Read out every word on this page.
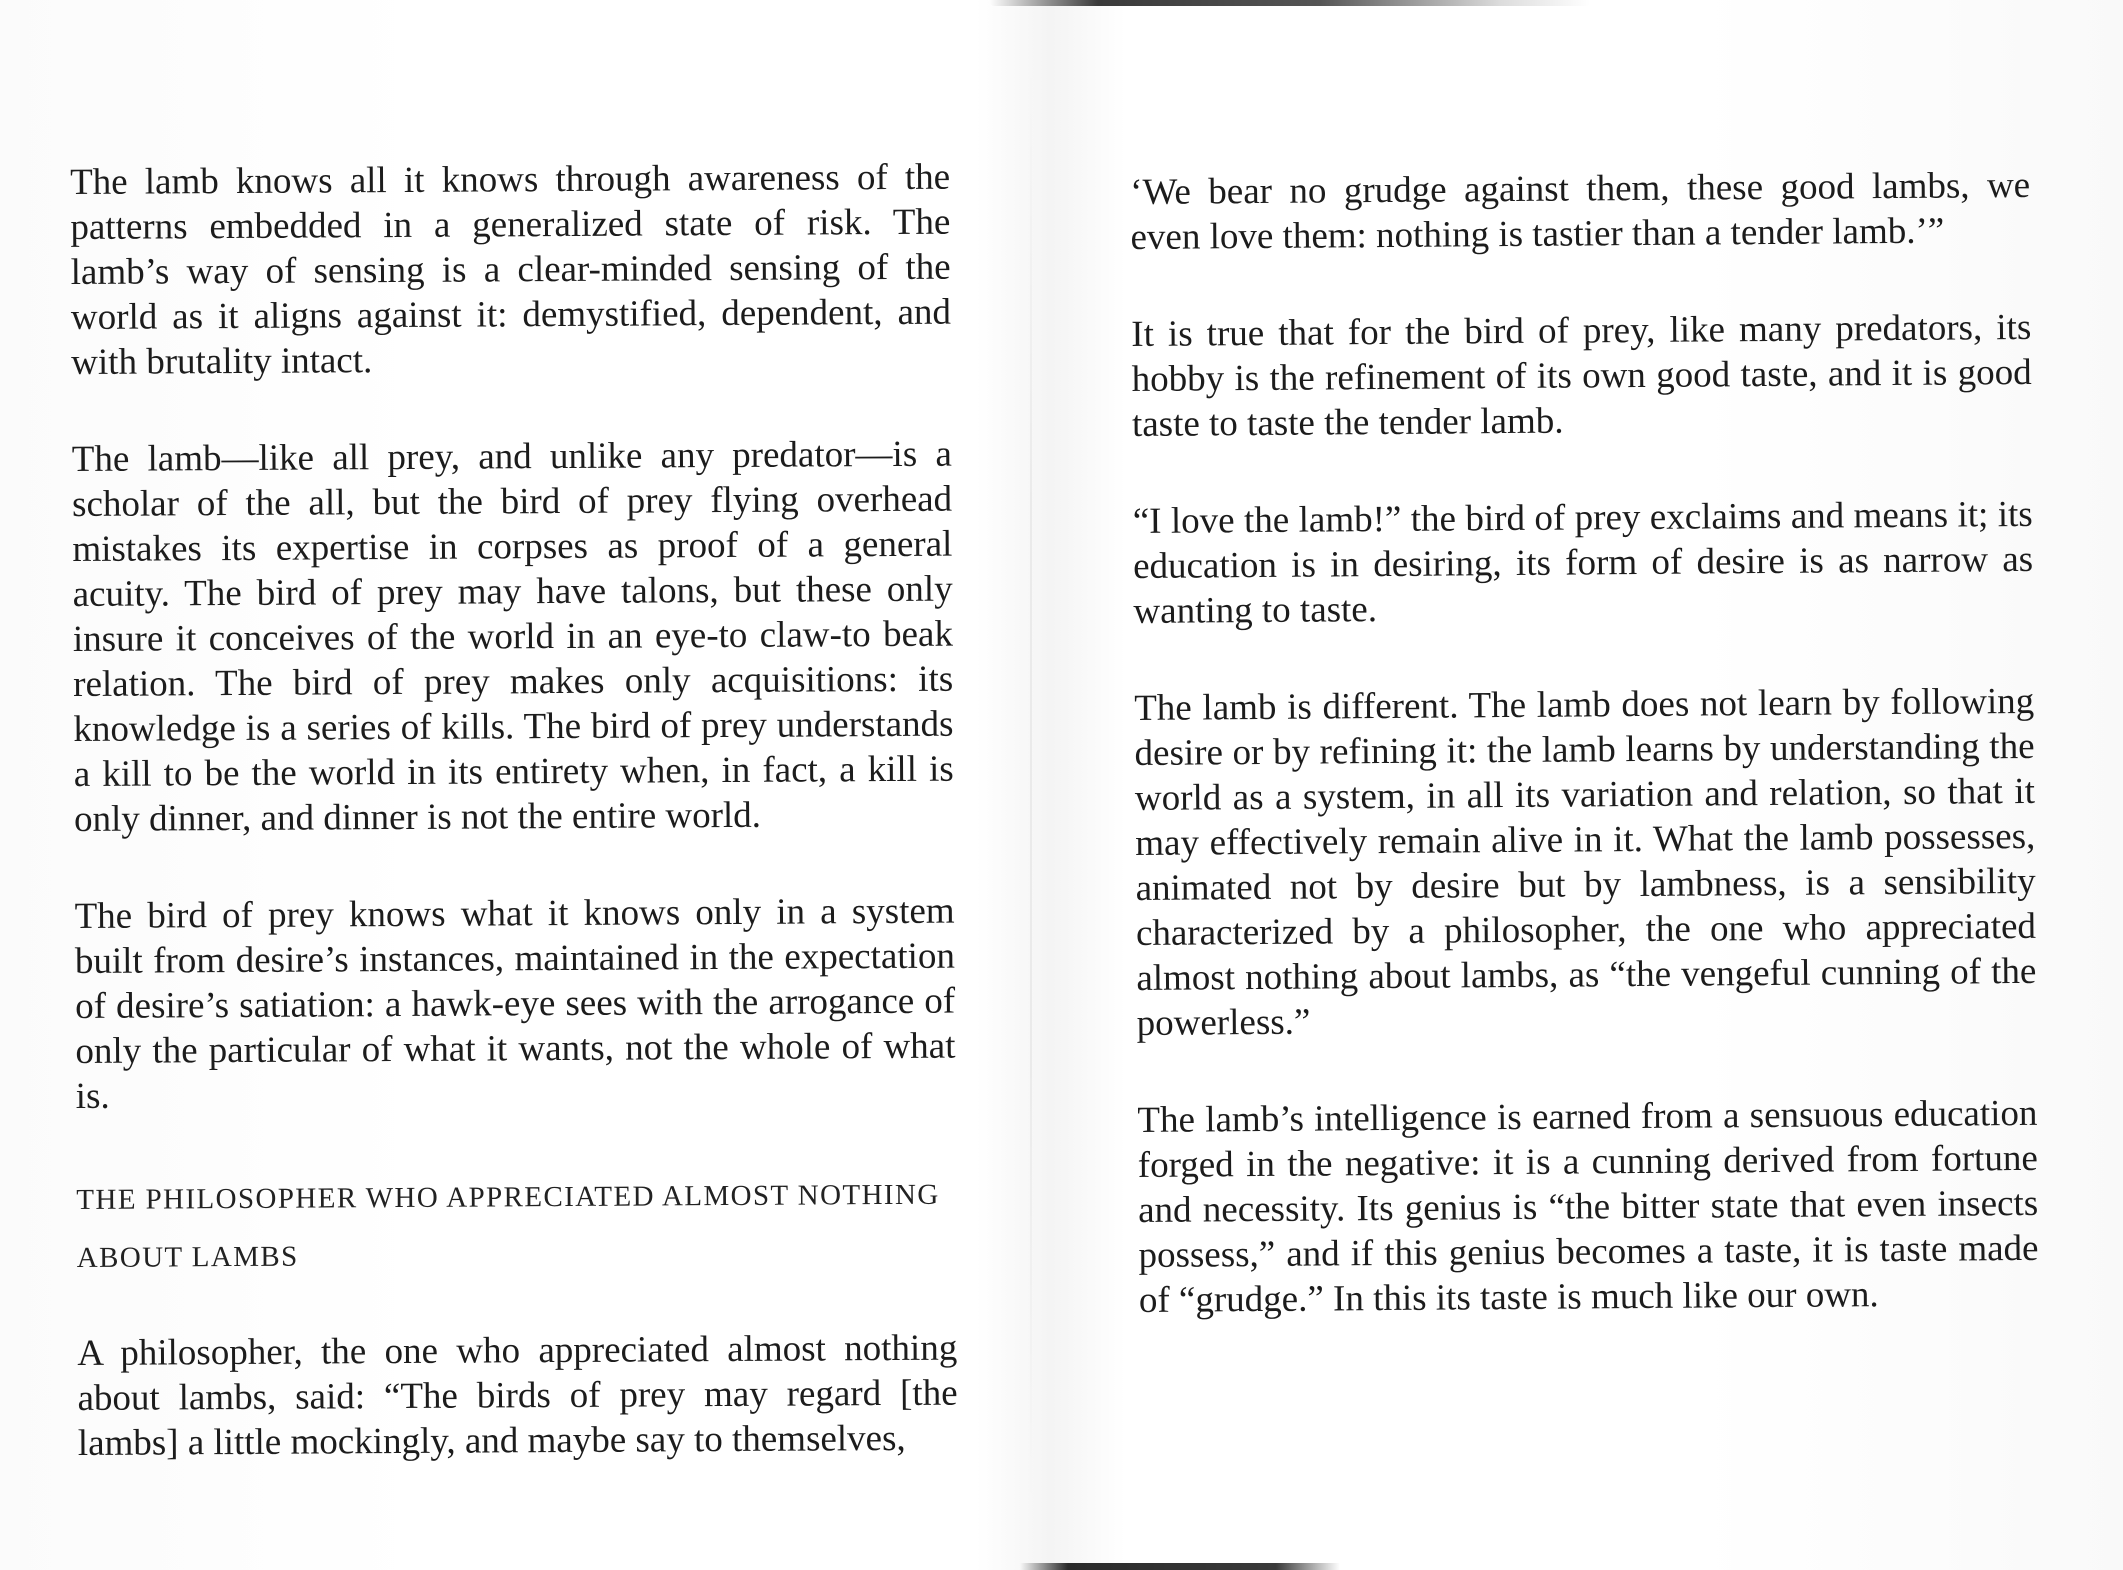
The lamb knows all it knows through awareness of the patterns embedded in a generalized state of risk. The lamb’s way of sensing is a clear-minded sensing of the world as it aligns against it: demystified, dependent, and with brutality intact.

The lamb—like all prey, and unlike any predator—is a scholar of the all, but the bird of prey flying overhead mistakes its expertise in corpses as proof of a general acuity. The bird of prey may have talons, but these only insure it conceives of the world in an eye-to claw-to beak relation. The bird of prey makes only acquisitions: its knowledge is a series of kills. The bird of prey understands a kill to be the world in its entirety when, in fact, a kill is only dinner, and dinner is not the entire world.

The bird of prey knows what it knows only in a system built from desire’s instances, maintained in the expectation of desire’s satiation: a hawk-eye sees with the arrogance of only the particular of what it wants, not the whole of what is.

THE PHILOSOPHER WHO APPRECIATED ALMOST NOTHING ABOUT LAMBS

A philosopher, the one who appreciated almost nothing about lambs, said: “The birds of prey may regard [the lambs] a little mockingly, and maybe say to themselves,

‘We bear no grudge against them, these good lambs, we even love them: nothing is tastier than a tender lamb.’”

It is true that for the bird of prey, like many predators, its hobby is the refinement of its own good taste, and it is good taste to taste the tender lamb.

“I love the lamb!” the bird of prey exclaims and means it; its education is in desiring, its form of desire is as narrow as wanting to taste.

The lamb is different. The lamb does not learn by following desire or by refining it: the lamb learns by understanding the world as a system, in all its variation and relation, so that it may effectively remain alive in it. What the lamb possesses, animated not by desire but by lambness, is a sensibility characterized by a philosopher, the one who appreciated almost nothing about lambs, as “the vengeful cunning of the powerless.”

The lamb’s intelligence is earned from a sensuous education forged in the negative: it is a cunning derived from fortune and necessity. Its genius is “the bitter state that even insects possess,” and if this genius becomes a taste, it is taste made of “grudge.” In this its taste is much like our own.
